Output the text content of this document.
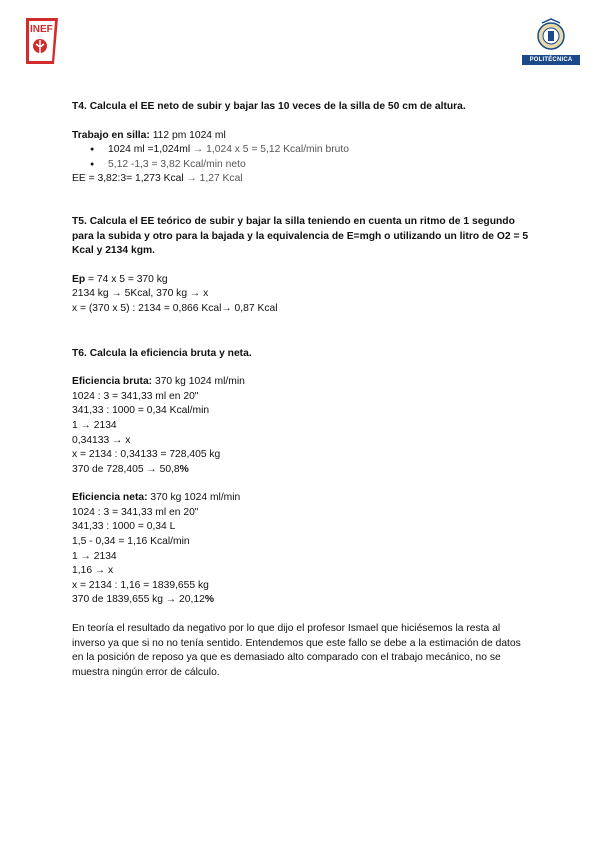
INEF
POLITÉCNICA

T4. Calcula el EE neto de subir y bajar las 10 veces de la silla de 50 cm de altura.

Trabajo en silla: 112 pm 1024 ml
● 1024 ml =1,024ml → 1,024 x 5 = 5,12 Kcal/min bruto
● 5,12 -1,3 = 3,82 Kcal/min neto
EE = 3,82:3= 1,273 Kcal → 1,27 Kcal

T5. Calcula el EE teórico de subir y bajar la silla teniendo en cuenta un ritmo de 1 segundo para la subida y otro para la bajada y la equivalencia de E=mgh o utilizando un litro de O2 = 5 Kcal y 2134 kgm.

Ep = 74 x 5 = 370 kg
2134 kg → 5Kcal, 370 kg → x
x = (370 x 5) : 2134 = 0,866 Kcal→ 0,87 Kcal

T6. Calcula la eficiencia bruta y neta.

Eficiencia bruta: 370 kg 1024 ml/min
1024 : 3 = 341,33 ml en 20"
341,33 : 1000 = 0,34 Kcal/min
1 → 2134
0,34133 → x
x = 2134 : 0,34133 = 728,405 kg
370 de 728,405 → 50,8%
Eficiencia neta: 370 kg 1024 ml/min
1024 : 3 = 341,33 ml en 20"
341,33 : 1000 = 0,34 L
1,5 - 0,34 = 1,16 Kcal/min
1 → 2134
1,16 → x
x = 2134 : 1,16 = 1839,655 kg
370 de 1839,655 kg → 20,12%

En teoría el resultado da negativo por lo que dijo el profesor Ismael que hiciésemos la resta al inverso ya que si no no tenía sentido. Entendemos que este fallo se debe a la estimación de datos en la posición de reposo ya que es demasiado alto comparado con el trabajo mecánico, no se muestra ningún error de cálculo.
